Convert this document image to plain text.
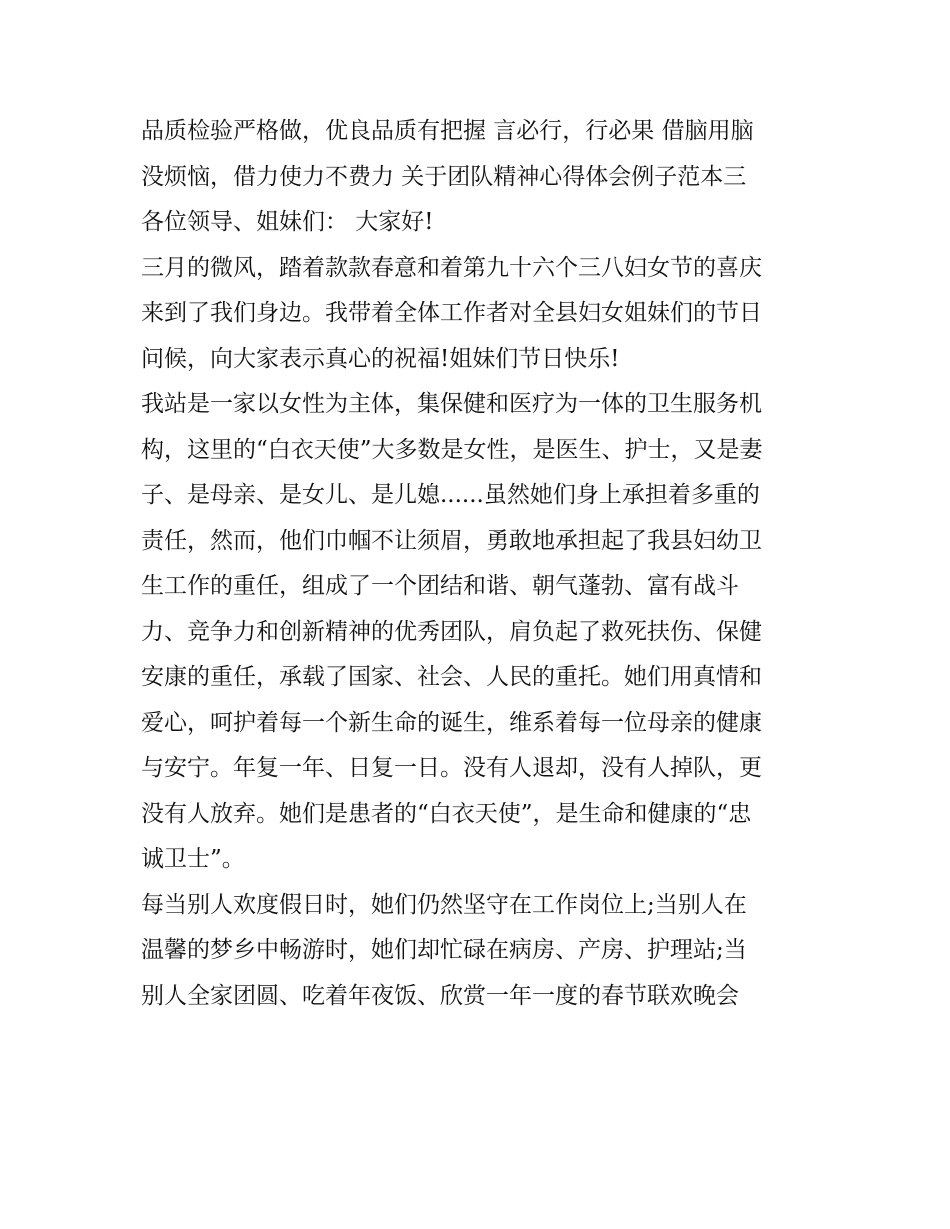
品质检验严格做，优良品质有把握 言必行，行必果 借脑用脑
没烦恼，借力使力不费力 关于团队精神心得体会例子范本三
各位领导、姐妹们： 大家好!
三月的微风，踏着款款春意和着第九十六个三八妇女节的喜庆
来到了我们身边。我带着全体工作者对全县妇女姐妹们的节日
问候，向大家表示真心的祝福!姐妹们节日快乐!
我站是一家以女性为主体，集保健和医疗为一体的卫生服务机
构，这里的“白衣天使”大多数是女性，是医生、护士，又是妻
子、是母亲、是女儿、是儿媳......虽然她们身上承担着多重的
责任，然而，他们巾帼不让须眉，勇敢地承担起了我县妇幼卫
生工作的重任，组成了一个团结和谐、朝气蓬勃、富有战斗
力、竞争力和创新精神的优秀团队，肩负起了救死扶伤、保健
安康的重任，承载了国家、社会、人民的重托。她们用真情和
爱心，呵护着每一个新生命的诞生，维系着每一位母亲的健康
与安宁。年复一年、日复一日。没有人退却，没有人掉队，更
没有人放弃。她们是患者的“白衣天使”，是生命和健康的“忠
诚卫士”。
每当别人欢度假日时，她们仍然坚守在工作岗位上;当别人在
温馨的梦乡中畅游时，她们却忙碌在病房、产房、护理站;当
别人全家团圆、吃着年夜饭、欣赏一年一度的春节联欢晚会
